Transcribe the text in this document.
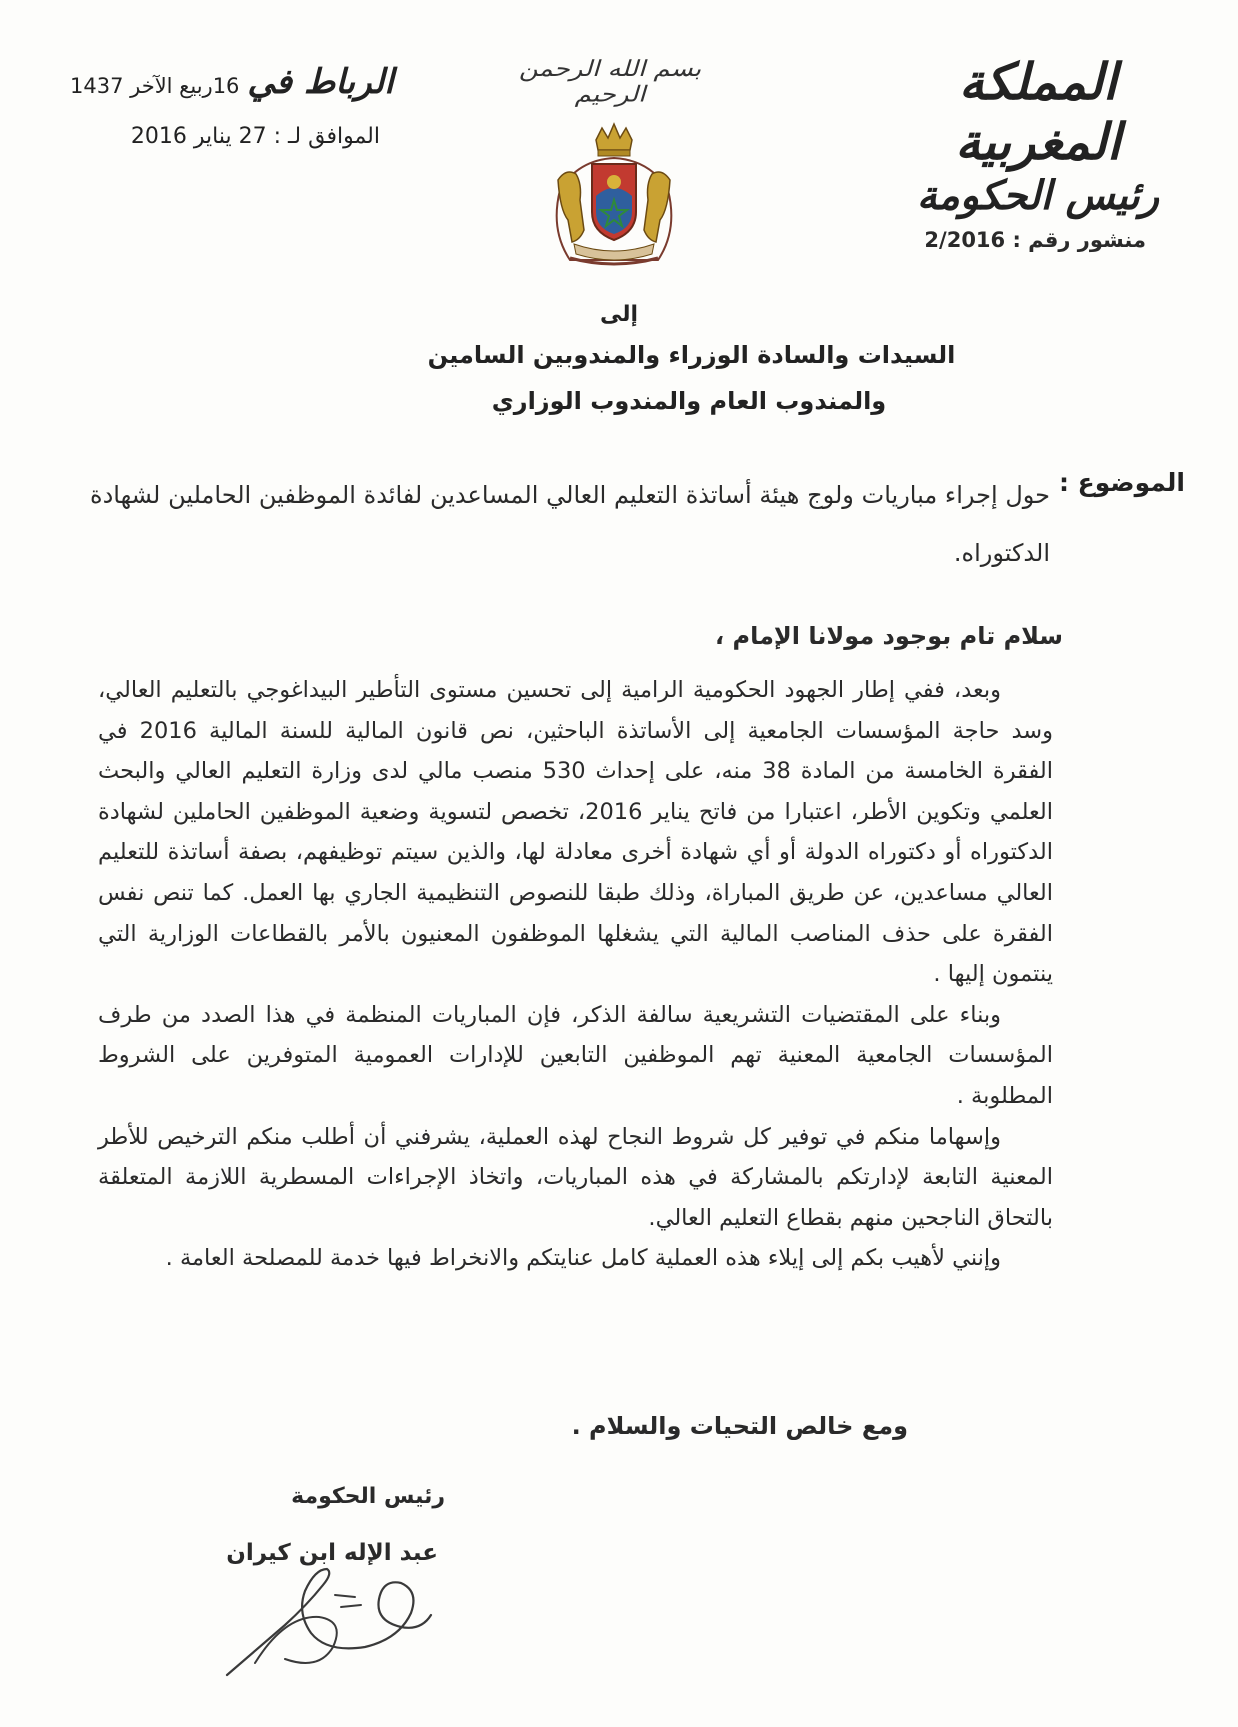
المملكة المغربية
رئيس الحكومة
منشور رقم : 2/2016
بسم الله الرحمن الرحيم
الرباط في
16ربيع الآخر 1437
الموافق لـ : 27 يناير 2016
إلى
السيدات والسادة الوزراء والمندوبين السامين
والمندوب العام والمندوب الوزاري
الموضوع :
حول إجراء مباريات ولوج هيئة أساتذة التعليم العالي المساعدين لفائدة الموظفين الحاملين لشهادة الدكتوراه.
سلام تام بوجود مولانا الإمام ،

وبعد، ففي إطار الجهود الحكومية الرامية إلى تحسين مستوى التأطير البيداغوجي بالتعليم العالي، وسد حاجة المؤسسات الجامعية إلى الأساتذة الباحثين، نص قانون المالية للسنة المالية 2016 في الفقرة الخامسة من المادة 38 منه، على إحداث 530 منصب مالي لدى وزارة التعليم العالي والبحث العلمي وتكوين الأطر، اعتبارا من فاتح يناير 2016، تخصص لتسوية وضعية الموظفين الحاملين لشهادة الدكتوراه أو دكتوراه الدولة أو أي شهادة أخرى معادلة لها، والذين سيتم توظيفهم، بصفة أساتذة للتعليم العالي مساعدين، عن طريق المباراة، وذلك طبقا للنصوص التنظيمية الجاري بها العمل. كما تنص نفس الفقرة على حذف المناصب المالية التي يشغلها الموظفون المعنيون بالأمر بالقطاعات الوزارية التي ينتمون إليها .

وبناء على المقتضيات التشريعية سالفة الذكر، فإن المباريات المنظمة في هذا الصدد من طرف المؤسسات الجامعية المعنية تهم الموظفين التابعين للإدارات العمومية المتوفرين على الشروط المطلوبة .

وإسهاما منكم في توفير كل شروط النجاح لهذه العملية، يشرفني أن أطلب منكم الترخيص للأطر المعنية التابعة لإدارتكم بالمشاركة في هذه المباريات، واتخاذ الإجراءات المسطرية اللازمة المتعلقة بالتحاق الناجحين منهم بقطاع التعليم العالي.

وإنني لأهيب بكم إلى إيلاء هذه العملية كامل عنايتكم والانخراط فيها خدمة للمصلحة العامة .

ومع خالص التحيات والسلام .
رئيس الحكومة
عبد الإله ابن كيران
